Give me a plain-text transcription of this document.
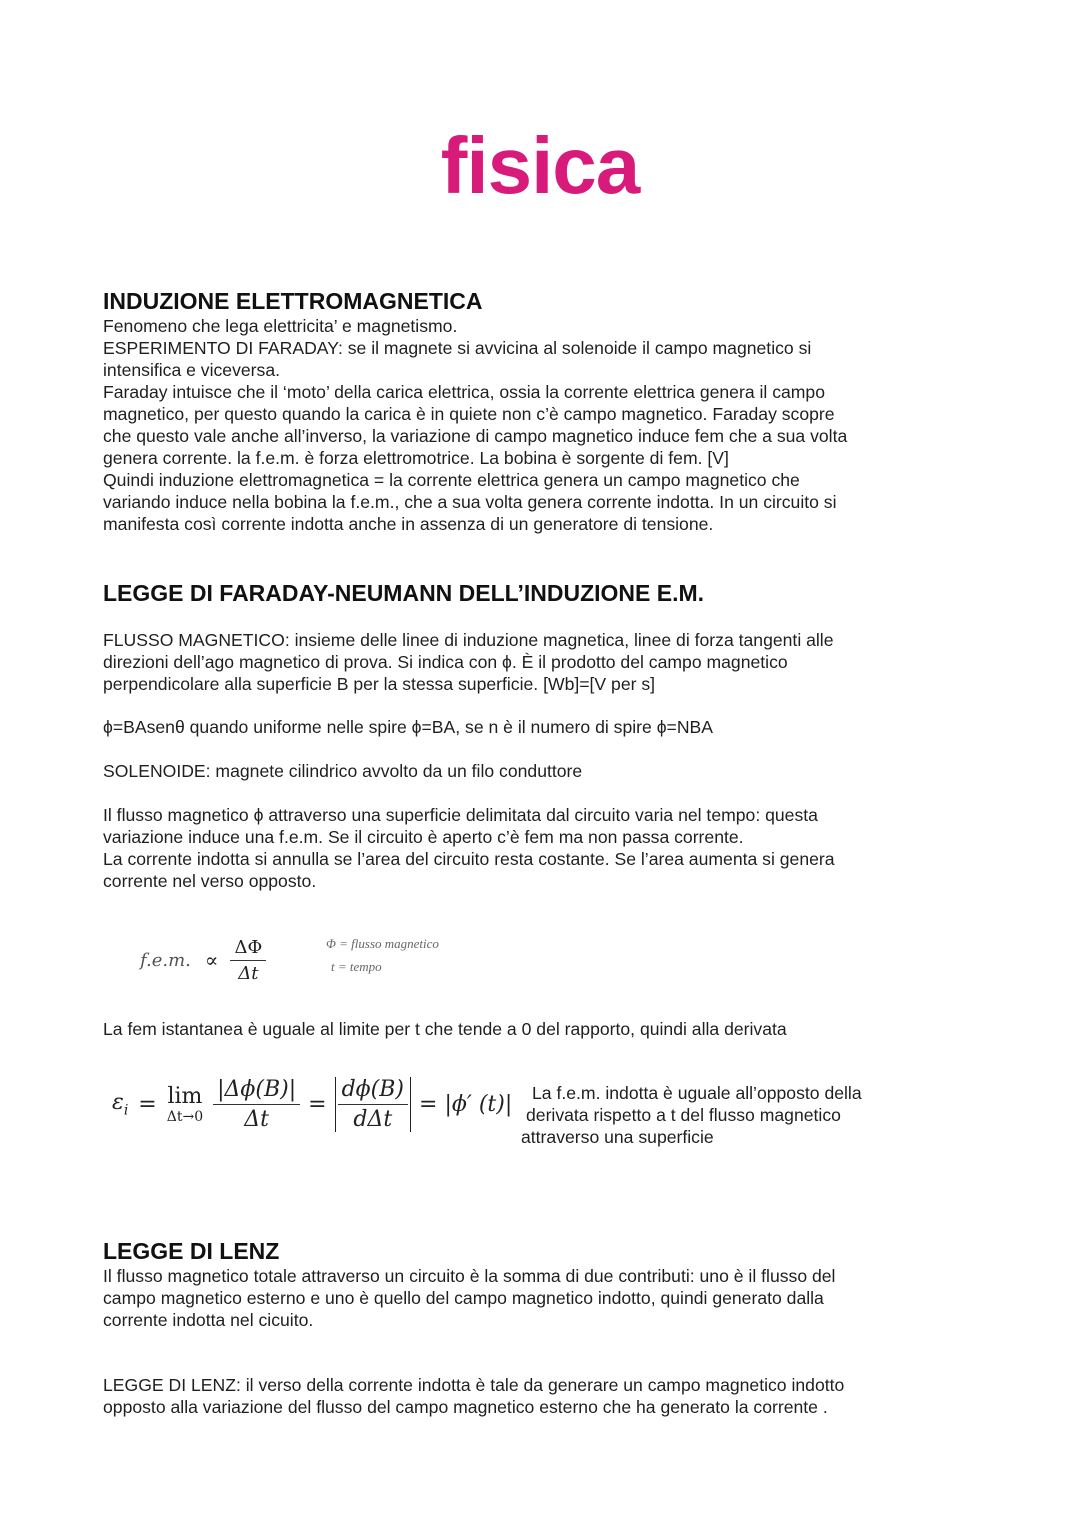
fisica
INDUZIONE ELETTROMAGNETICA
Fenomeno che lega elettricita’ e magnetismo.
ESPERIMENTO DI FARADAY: se il magnete si avvicina al solenoide il campo magnetico si
intensifica e viceversa.
Faraday intuisce che il ‘moto’ della carica elettrica, ossia la corrente elettrica genera il campo
magnetico, per questo quando la carica è in quiete non c’è campo magnetico. Faraday scopre
che questo vale anche all’inverso, la variazione di campo magnetico induce fem che a sua volta
genera corrente. la f.e.m. è forza elettromotrice. La bobina è sorgente di fem. [V]
Quindi induzione elettromagnetica = la corrente elettrica genera un campo magnetico che
variando induce nella bobina la f.e.m., che a sua volta genera corrente indotta. In un circuito si
manifesta così corrente indotta anche in assenza di un generatore di tensione.
LEGGE DI FARADAY-NEUMANN DELL’INDUZIONE E.M.
FLUSSO MAGNETICO: insieme delle linee di induzione magnetica, linee di forza tangenti alle
direzioni dell’ago magnetico di prova. Si indica con ϕ. È il prodotto del campo magnetico
perpendicolare alla superficie B per la stessa superficie. [Wb]=[V per s]
ϕ=BAsenθ quando uniforme nelle spire ϕ=BA, se n è il numero di spire ϕ=NBA
SOLENOIDE: magnete cilindrico avvolto da un filo conduttore
Il flusso magnetico ϕ attraverso una superficie delimitata dal circuito varia nel tempo: questa
variazione induce una f.e.m. Se il circuito è aperto c’è fem ma non passa corrente.
La corrente indotta si annulla se l’area del circuito resta costante. Se l’area aumenta si genera
corrente nel verso opposto.
f.e.m. ∝ $\frac{\Delta\Phi}{\Delta t}$	Φ = flusso magnetico
t = tempo
La fem istantanea è uguale al limite per t che tende a 0 del rapporto, quindi alla derivata
$\varepsilon_i = \lim$
$\Delta t\to 0 \frac{|\Delta\phi(B)|}{\Delta t} = \frac{d\phi(B)}{\text{dΔt}} = |\phi'$ (t)|	La f.e.m. indotta è uguale all’opposto della
derivata rispetto a t del flusso magnetico
attraverso una superficie
LEGGE DI LENZ
Il flusso magnetico totale attraverso un circuito è la somma di due contributi: uno è il flusso del
campo magnetico esterno e uno è quello del campo magnetico indotto, quindi generato dalla
corrente indotta nel cicuito.
LEGGE DI LENZ: il verso della corrente indotta è tale da generare un campo magnetico indotto
opposto alla variazione del flusso del campo magnetico esterno che ha generato la corrente .
